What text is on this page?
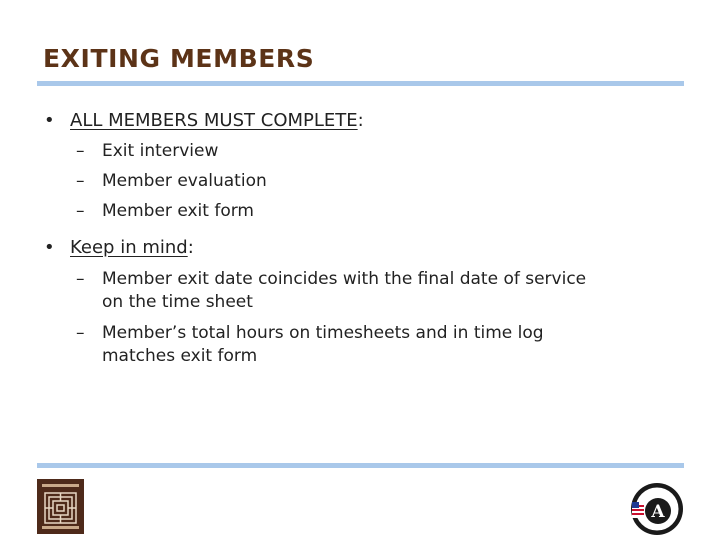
EXITING MEMBERS
• ALL MEMBERS MUST COMPLETE:
– Exit interview
– Member evaluation
– Member exit form
• Keep in mind:
– Member exit date coincides with the final date of service
on the time sheet
– Member’s total hours on timesheets and in time log
matches exit form
A
